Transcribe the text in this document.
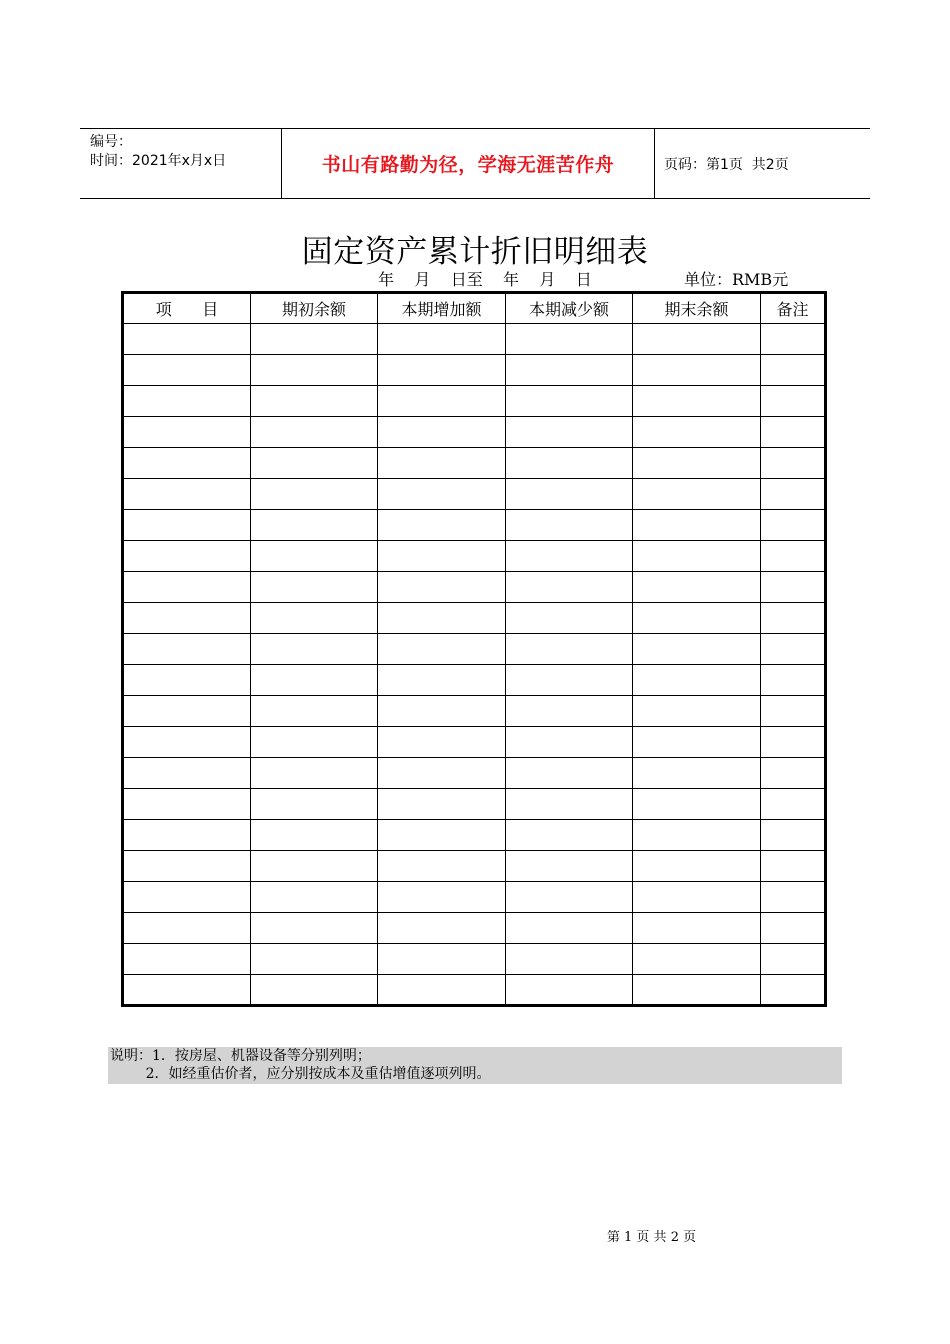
编号：
时间：2021年x月x日	书山有路勤为径，学海无涯苦作舟	页码：第1页  共2页
固定资产累计折旧明细表
年    月    日至    年    月    日	单位：RMB元
项      目	期初余额	本期增加额	本期减少额	期末余额	备注

说明：1．按房屋、机器设备等分别列明；
2．如经重估价者，应分别按成本及重估增值逐项列明。
第 1 页 共 2 页
